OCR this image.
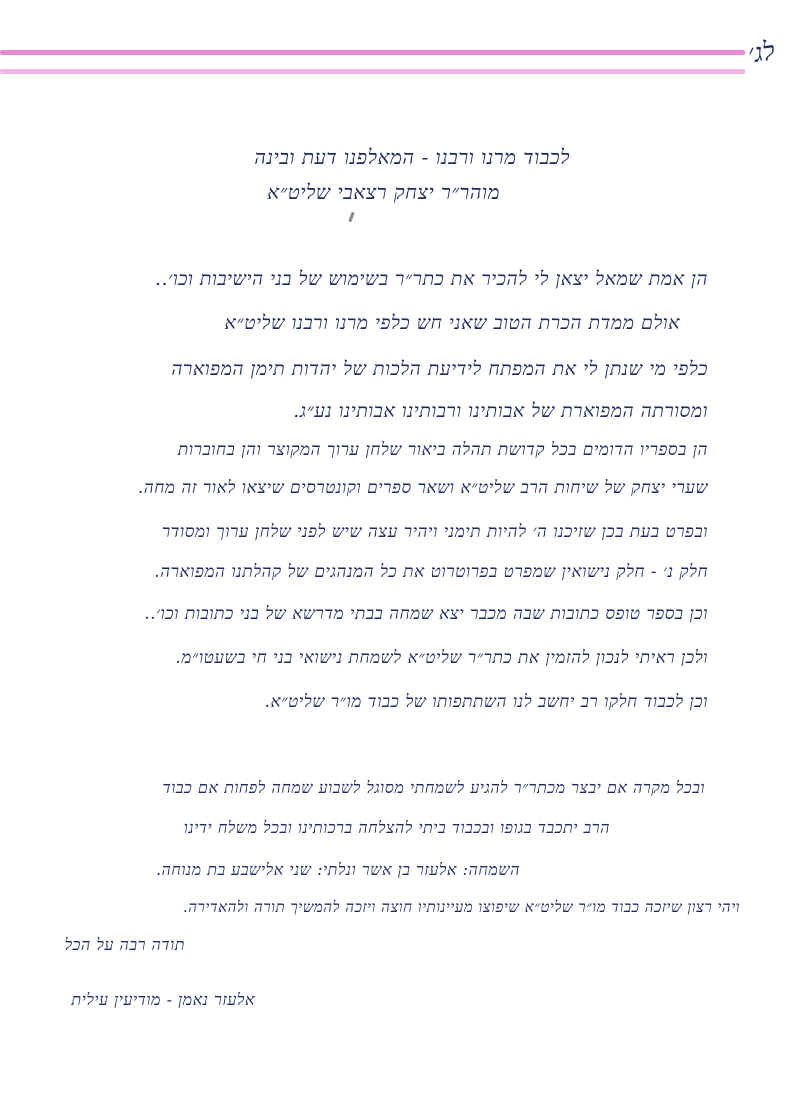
לג׳
לכבוד מרנו ורבנו - המאלפנו דעת ובינה
מוהר״ר יצחק רצאבי שליט״א
הן אמת שמאל יצאן לי להכיר את כתר״ר בשימוש של בני הישיבות וכו׳..
אולם ממדת הכרת הטוב שאני חש כלפי מרנו ורבנו שליט״א
כלפי מי שנתן לי את המפתח לידיעת הלכות של יהדות תימן המפוארה
ומסורתה המפוארת של אבותינו ורבותינו אבותינו נע״ג.
הן בספריו הדומים בכל קדושת תהלה ביאור שלחן ערוך המקוצר והן בחוברות
שערי יצחק של שיחות הרב שליט״א ושאר ספרים וקונטרסים שיצאו לאור זה מחה.
ובפרט בעת בכן שזיכנו ה׳ להיות תימני ויהיר עצה שיש לפני שלחן ערוך ומסודר
חלק נ׳ - חלק נישואין שמפרט בפרוטרוט את כל המנהגים של קהלתנו המפוארה.
וכן בספר טופס כתובות שבה מכבר יצא שמחה בבתי מדרשא של בני כתובות וכו׳..
ולכן ראיתי לנכון להזמין את כתר״ר שליט״א לשמחת נישואי בני חי בשעטו״מ.
וכן לכבוד חלקו רב יחשב לנו השתתפותו של כבוד מו״ר שליט״א.
ובכל מקרה אם יבצר מכתר״ר להגיע לשמחתי מסוגל לשבוע שמחה לפחות אם כבוד
הרב יתכבד בגופו ובכבוד ביתי להצלחה ברכותינו ובכל משלח ידינו
השמחה: אלעזר בן אשר ונלתי: שני אלישבע בת מנוחה.
ויהי רצון שיזכה כבוד מו״ר שליט״א שיפוצו מעיינותיו חוצה ויזכה להמשיך תורה ולהאדירה.
תודה רבה על הכל
אלעזר נאמן - מודיעין עילית
